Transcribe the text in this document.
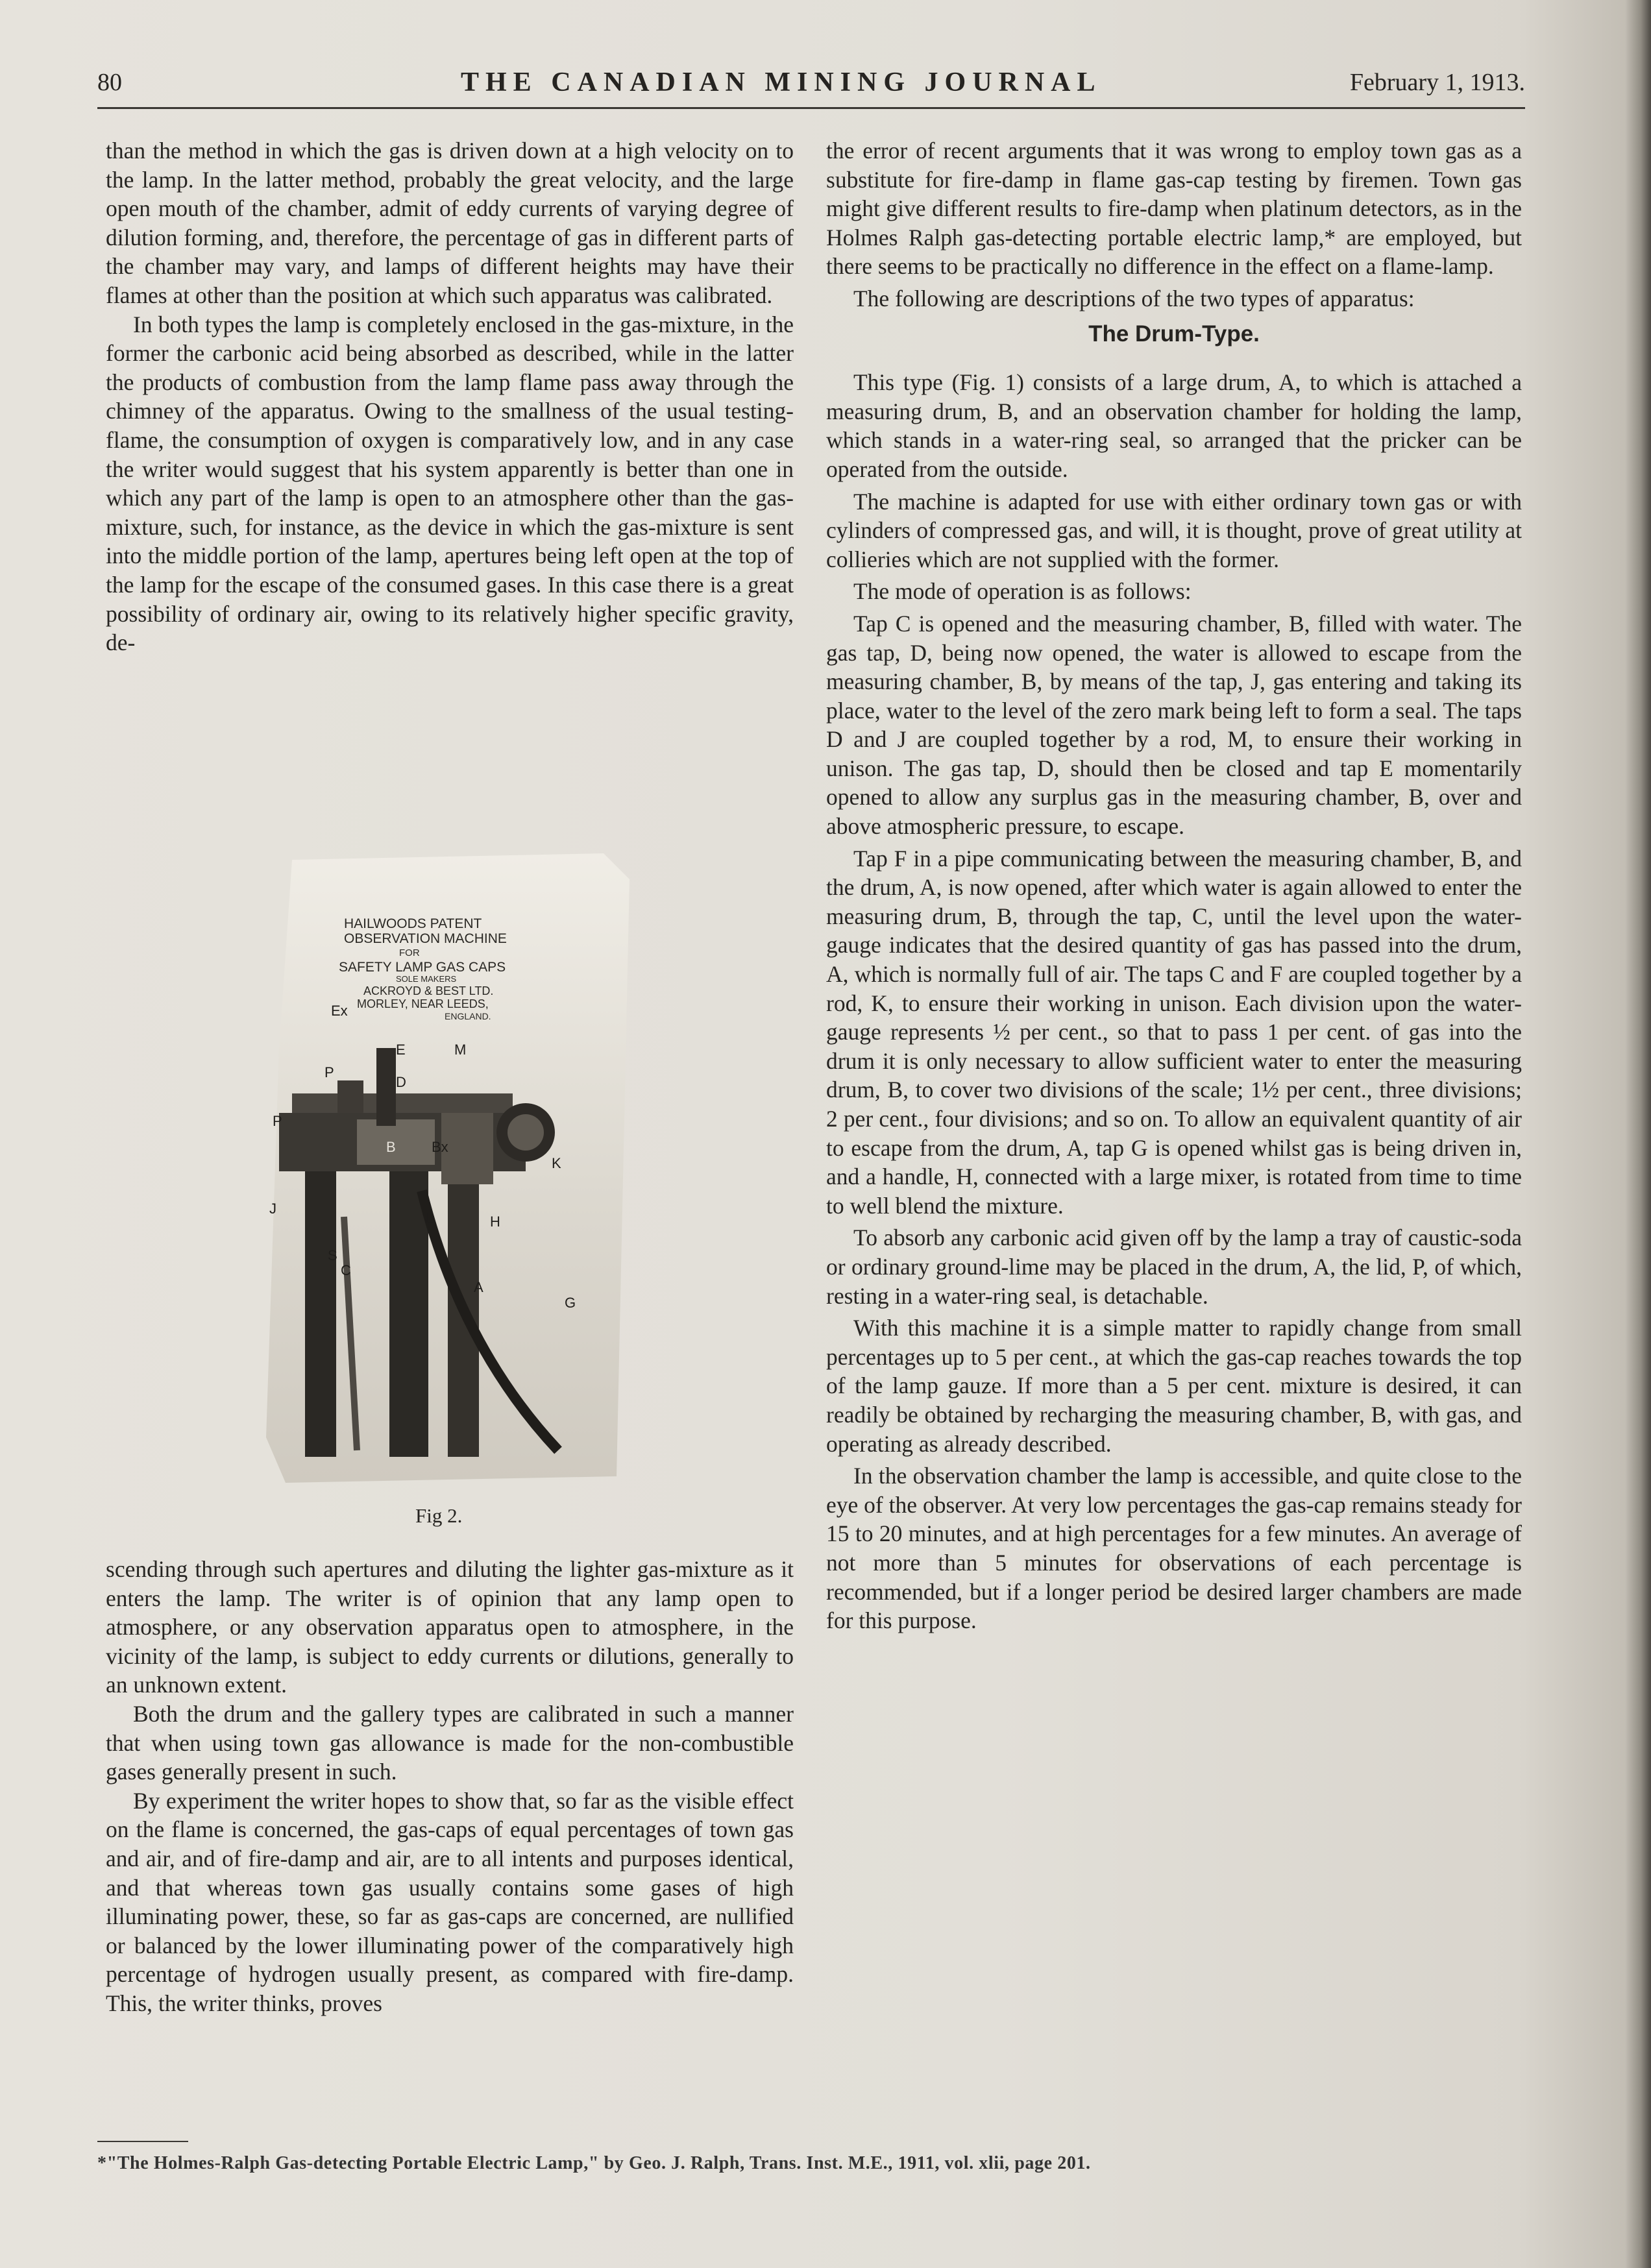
80	THE CANADIAN MINING JOURNAL	February 1, 1913.

than the method in which the gas is driven down at a high velocity on to the lamp. In the latter method, probably the great velocity, and the large open mouth of the chamber, admit of eddy currents of varying degree of dilution forming, and, therefore, the percentage of gas in different parts of the chamber may vary, and lamps of different heights may have their flames at other than the position at which such apparatus was calibrated.

In both types the lamp is completely enclosed in the gas-mixture, in the former the carbonic acid being absorbed as described, while in the latter the products of combustion from the lamp flame pass away through the chimney of the apparatus. Owing to the smallness of the usual testing-flame, the consumption of oxygen is comparatively low, and in any case the writer would suggest that his system apparently is better than one in which any part of the lamp is open to an atmosphere other than the gas-mixture, such, for instance, as the device in which the gas-mixture is sent into the middle portion of the lamp, apertures being left open at the top of the lamp for the escape of the consumed gases. In this case there is a great possibility of ordinary air, owing to its relatively higher specific gravity, de-

HAILWOODS PATENT
OBSERVATION MACHINE
FOR
SAFETY LAMP GAS CAPS
SOLE MAKERS
ACKROYD & BEST LTD.
MORLEY, NEAR LEEDS,
ENGLAND.
Ex
E	M
P
D
P
B	Bx
K
J
L	H
S
C
A
G
Fig 2.

scending through such apertures and diluting the lighter gas-mixture as it enters the lamp. The writer is of opinion that any lamp open to atmosphere, or any observation apparatus open to atmosphere, in the vicinity of the lamp, is subject to eddy currents or dilutions, generally to an unknown extent.

Both the drum and the gallery types are calibrated in such a manner that when using town gas allowance is made for the non-combustible gases generally present in such.

By experiment the writer hopes to show that, so far as the visible effect on the flame is concerned, the gas-caps of equal percentages of town gas and air, and of fire-damp and air, are to all intents and purposes identical, and that whereas town gas usually contains some gases of high illuminating power, these, so far as gas-caps are concerned, are nullified or balanced by the lower illuminating power of the comparatively high percentage of hydrogen usually present, as compared with fire-damp. This, the writer thinks, proves

the error of recent arguments that it was wrong to employ town gas as a substitute for fire-damp in flame gas-cap testing by firemen. Town gas might give different results to fire-damp when platinum detectors, as in the Holmes Ralph gas-detecting portable electric lamp,* are employed, but there seems to be practically no difference in the effect on a flame-lamp.

The following are descriptions of the two types of apparatus:

The Drum-Type.

This type (Fig. 1) consists of a large drum, A, to which is attached a measuring drum, B, and an observation chamber for holding the lamp, which stands in a water-ring seal, so arranged that the pricker can be operated from the outside.

The machine is adapted for use with either ordinary town gas or with cylinders of compressed gas, and will, it is thought, prove of great utility at collieries which are not supplied with the former.

The mode of operation is as follows:

Tap C is opened and the measuring chamber, B, filled with water. The gas tap, D, being now opened, the water is allowed to escape from the measuring chamber, B, by means of the tap, J, gas entering and taking its place, water to the level of the zero mark being left to form a seal. The taps D and J are coupled together by a rod, M, to ensure their working in unison. The gas tap, D, should then be closed and tap E momentarily opened to allow any surplus gas in the measuring chamber, B, over and above atmospheric pressure, to escape.

Tap F in a pipe communicating between the measuring chamber, B, and the drum, A, is now opened, after which water is again allowed to enter the measuring drum, B, through the tap, C, until the level upon the water-gauge indicates that the desired quantity of gas has passed into the drum, A, which is normally full of air. The taps C and F are coupled together by a rod, K, to ensure their working in unison. Each division upon the water-gauge represents ½ per cent., so that to pass 1 per cent. of gas into the drum it is only necessary to allow sufficient water to enter the measuring drum, B, to cover two divisions of the scale; 1½ per cent., three divisions; 2 per cent., four divisions; and so on. To allow an equivalent quantity of air to escape from the drum, A, tap G is opened whilst gas is being driven in, and a handle, H, connected with a large mixer, is rotated from time to time to well blend the mixture.

To absorb any carbonic acid given off by the lamp a tray of caustic-soda or ordinary ground-lime may be placed in the drum, A, the lid, P, of which, resting in a water-ring seal, is detachable.

With this machine it is a simple matter to rapidly change from small percentages up to 5 per cent., at which the gas-cap reaches towards the top of the lamp gauze. If more than a 5 per cent. mixture is desired, it can readily be obtained by recharging the measuring chamber, B, with gas, and operating as already described.

In the observation chamber the lamp is accessible, and quite close to the eye of the observer. At very low percentages the gas-cap remains steady for 15 to 20 minutes, and at high percentages for a few minutes. An average of not more than 5 minutes for observations of each percentage is recommended, but if a longer period be desired larger chambers are made for this purpose.

*"The Holmes-Ralph Gas-detecting Portable Electric Lamp," by Geo. J. Ralph, Trans. Inst. M.E., 1911, vol. xlii, page 201.
